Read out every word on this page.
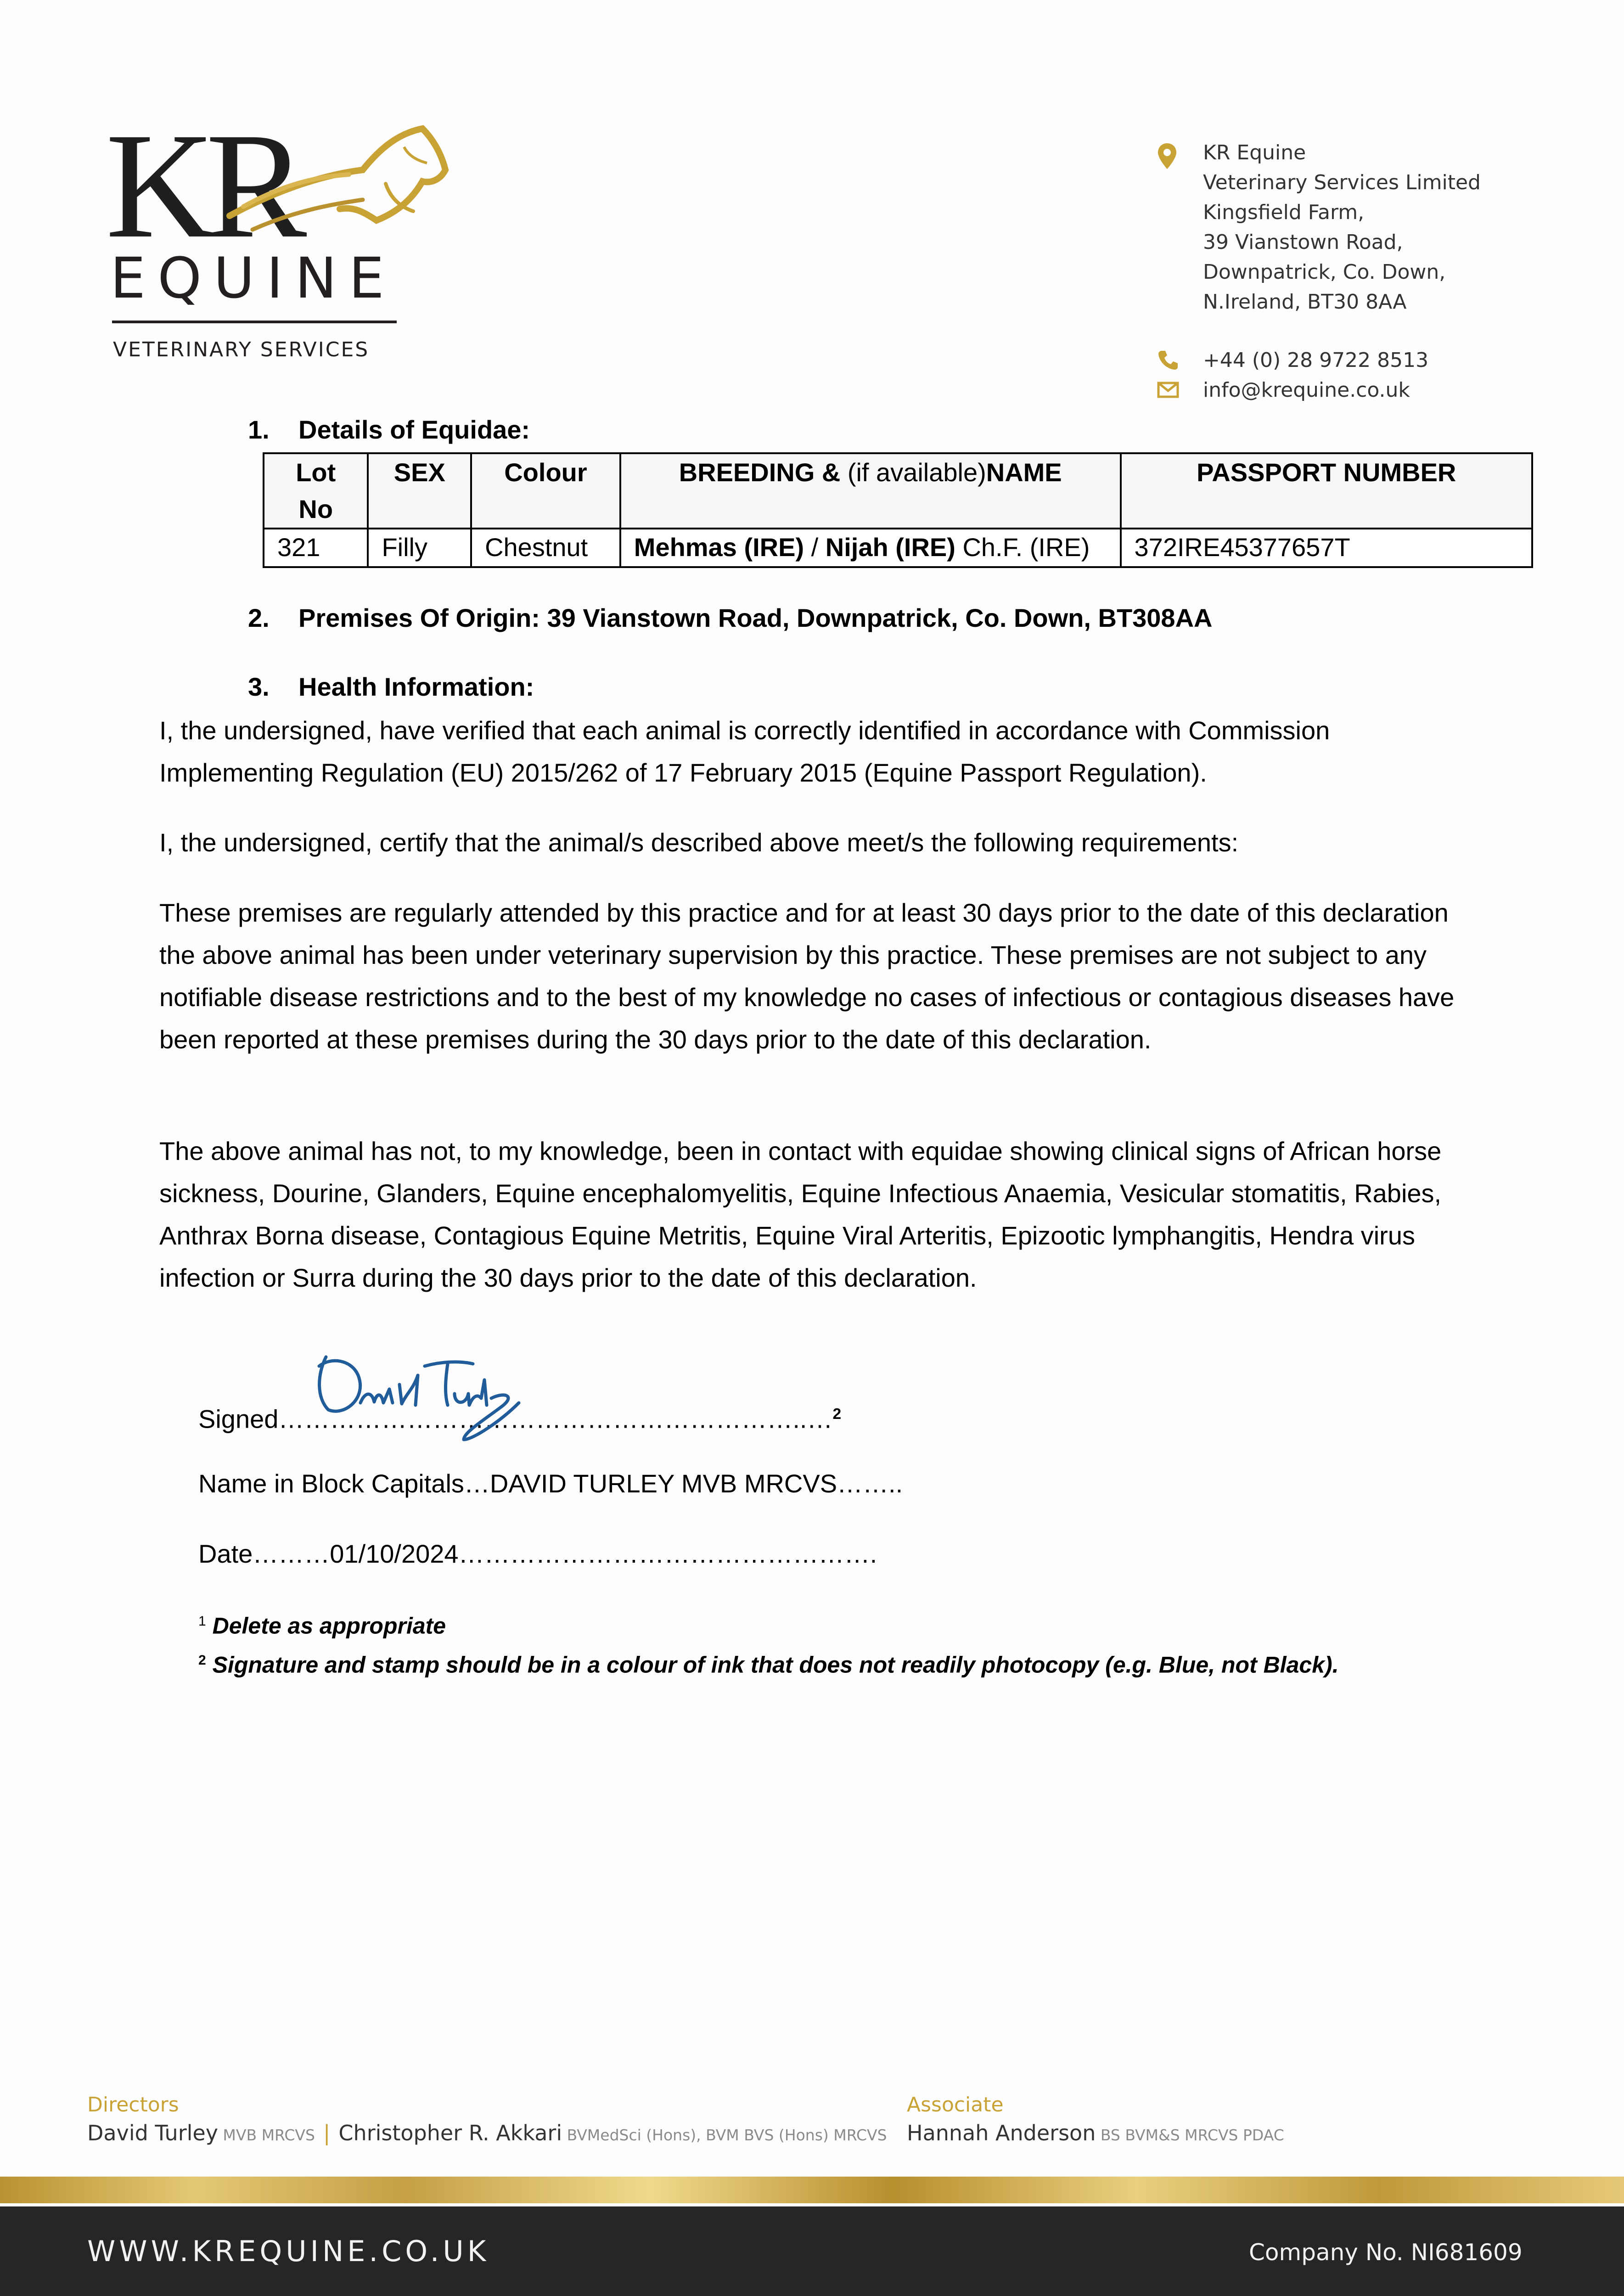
KR
EQUINE
VETERINARY SERVICES
KR Equine
Veterinary Services Limited
Kingsfield Farm,
39 Vianstown Road,
Downpatrick, Co. Down,
N.Ireland, BT30 8AA
+44 (0) 28 9722 8513
info@krequine.co.uk
1. Details of Equidae:
Lot No	SEX	Colour	BREEDING & (if available)NAME	PASSPORT NUMBER
321	Filly	Chestnut	Mehmas (IRE) / Nijah (IRE) Ch.F. (IRE)	372IRE45377657T
2. Premises Of Origin: 39 Vianstown Road, Downpatrick, Co. Down, BT308AA
3. Health Information:
I, the undersigned, have verified that each animal is correctly identified in accordance with Commission Implementing Regulation (EU) 2015/262 of 17 February 2015 (Equine Passport Regulation).
I, the undersigned, certify that the animal/s described above meet/s the following requirements:
These premises are regularly attended by this practice and for at least 30 days prior to the date of this declaration the above animal has been under veterinary supervision by this practice. These premises are not subject to any notifiable disease restrictions and to the best of my knowledge no cases of infectious or contagious diseases have been reported at these premises during the 30 days prior to the date of this declaration.
The above animal has not, to my knowledge, been in contact with equidae showing clinical signs of African horse sickness, Dourine, Glanders, Equine encephalomyelitis, Equine Infectious Anaemia, Vesicular stomatitis, Rabies, Anthrax Borna disease, Contagious Equine Metritis, Equine Viral Arteritis, Epizootic lymphangitis, Hendra virus infection or Surra during the 30 days prior to the date of this declaration.
Signed……………………………………………………..…$^2$
Name in Block Capitals…DAVID TURLEY MVB MRCVS……..
Date………01/10/2024………………………………………….
$^1$ Delete as appropriate
$^2$ Signature and stamp should be in a colour of ink that does not readily photocopy (e.g. Blue, not Black).
Directors
David Turley MVB MRCVS | Christopher R. Akkari BVMedSci (Hons), BVM BVS (Hons) MRCVS
Associate
Hannah Anderson BS BVM&S MRCVS PDAC
WWW.KREQUINE.CO.UK	Company No. NI681609
